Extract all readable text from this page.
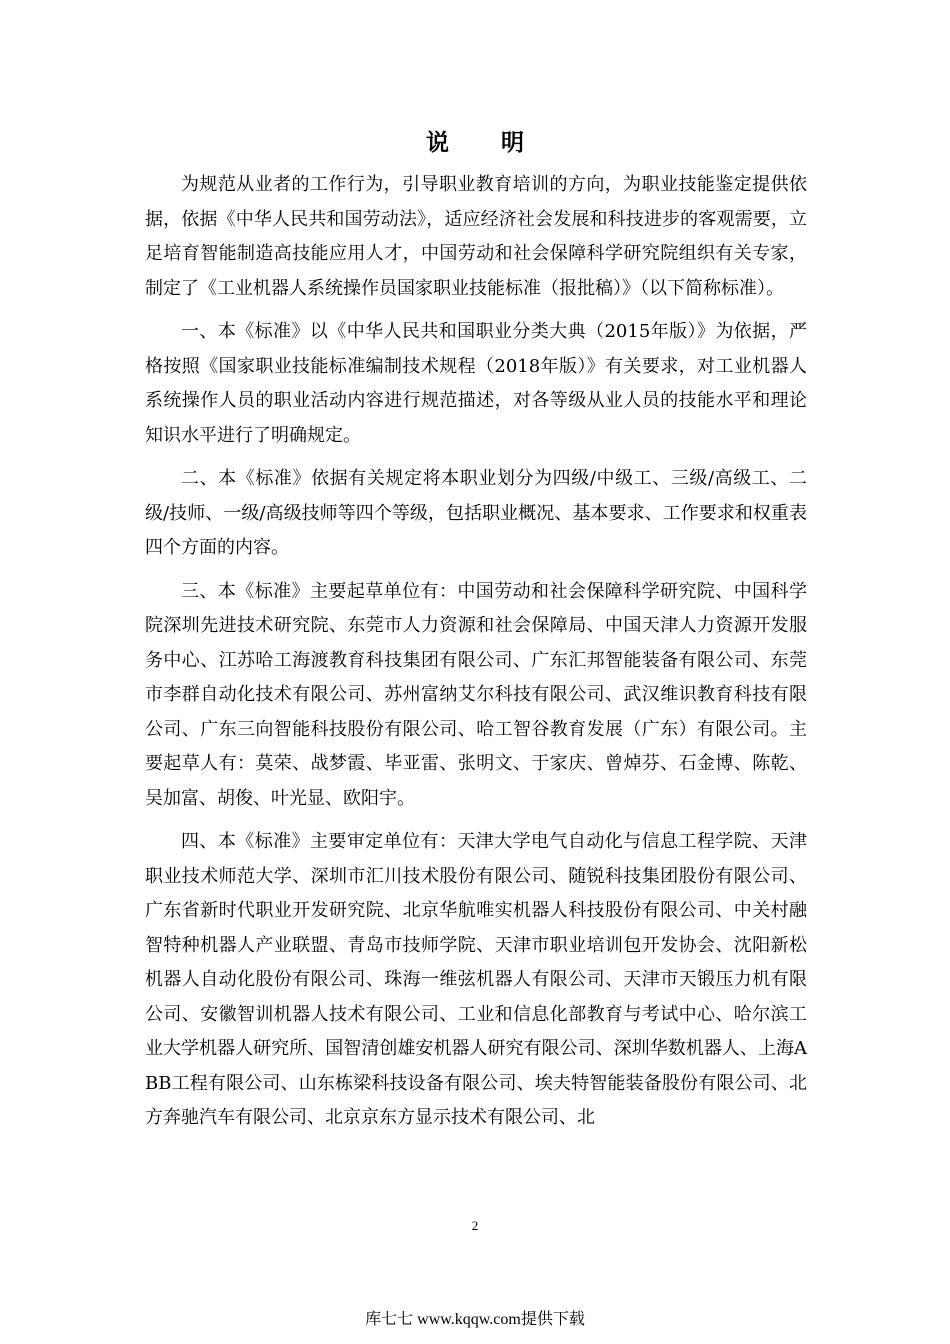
说 明

为规范从业者的工作行为，引导职业教育培训的方向，为职业技能鉴定提供依据，依据《中华人民共和国劳动法》，适应经济社会发展和科技进步的客观需要，立足培育智能制造高技能应用人才，中国劳动和社会保障科学研究院组织有关专家，制定了《工业机器人系统操作员国家职业技能标准（报批稿）》（以下简称标准）。

一、本《标准》以《中华人民共和国职业分类大典（2015年版）》为依据，严格按照《国家职业技能标准编制技术规程（2018年版）》有关要求，对工业机器人系统操作人员的职业活动内容进行规范描述，对各等级从业人员的技能水平和理论知识水平进行了明确规定。

二、本《标准》依据有关规定将本职业划分为四级/中级工、三级/高级工、二级/技师、一级/高级技师等四个等级，包括职业概况、基本要求、工作要求和权重表四个方面的内容。

三、本《标准》主要起草单位有：中国劳动和社会保障科学研究院、中国科学院深圳先进技术研究院、东莞市人力资源和社会保障局、中国天津人力资源开发服务中心、江苏哈工海渡教育科技集团有限公司、广东汇邦智能装备有限公司、东莞市李群自动化技术有限公司、苏州富纳艾尔科技有限公司、武汉维识教育科技有限公司、广东三向智能科技股份有限公司、哈工智谷教育发展（广东）有限公司。主要起草人有：莫荣、战梦霞、毕亚雷、张明文、于家庆、曾焯芬、石金博、陈乾、吴加富、胡俊、叶光显、欧阳宇。

四、本《标准》主要审定单位有：天津大学电气自动化与信息工程学院、天津职业技术师范大学、深圳市汇川技术股份有限公司、随锐科技集团股份有限公司、广东省新时代职业开发研究院、北京华航唯实机器人科技股份有限公司、中关村融智特种机器人产业联盟、青岛市技师学院、天津市职业培训包开发协会、沈阳新松机器人自动化股份有限公司、珠海一维弦机器人有限公司、天津市天锻压力机有限公司、安徽智训机器人技术有限公司、工业和信息化部教育与考试中心、哈尔滨工业大学机器人研究所、国智清创雄安机器人研究有限公司、深圳华数机器人、上海ABB工程有限公司、山东栋梁科技设备有限公司、埃夫特智能装备股份有限公司、北方奔驰汽车有限公司、北京京东方显示技术有限公司、北

2
库七七 www.kqqw.com提供下载
